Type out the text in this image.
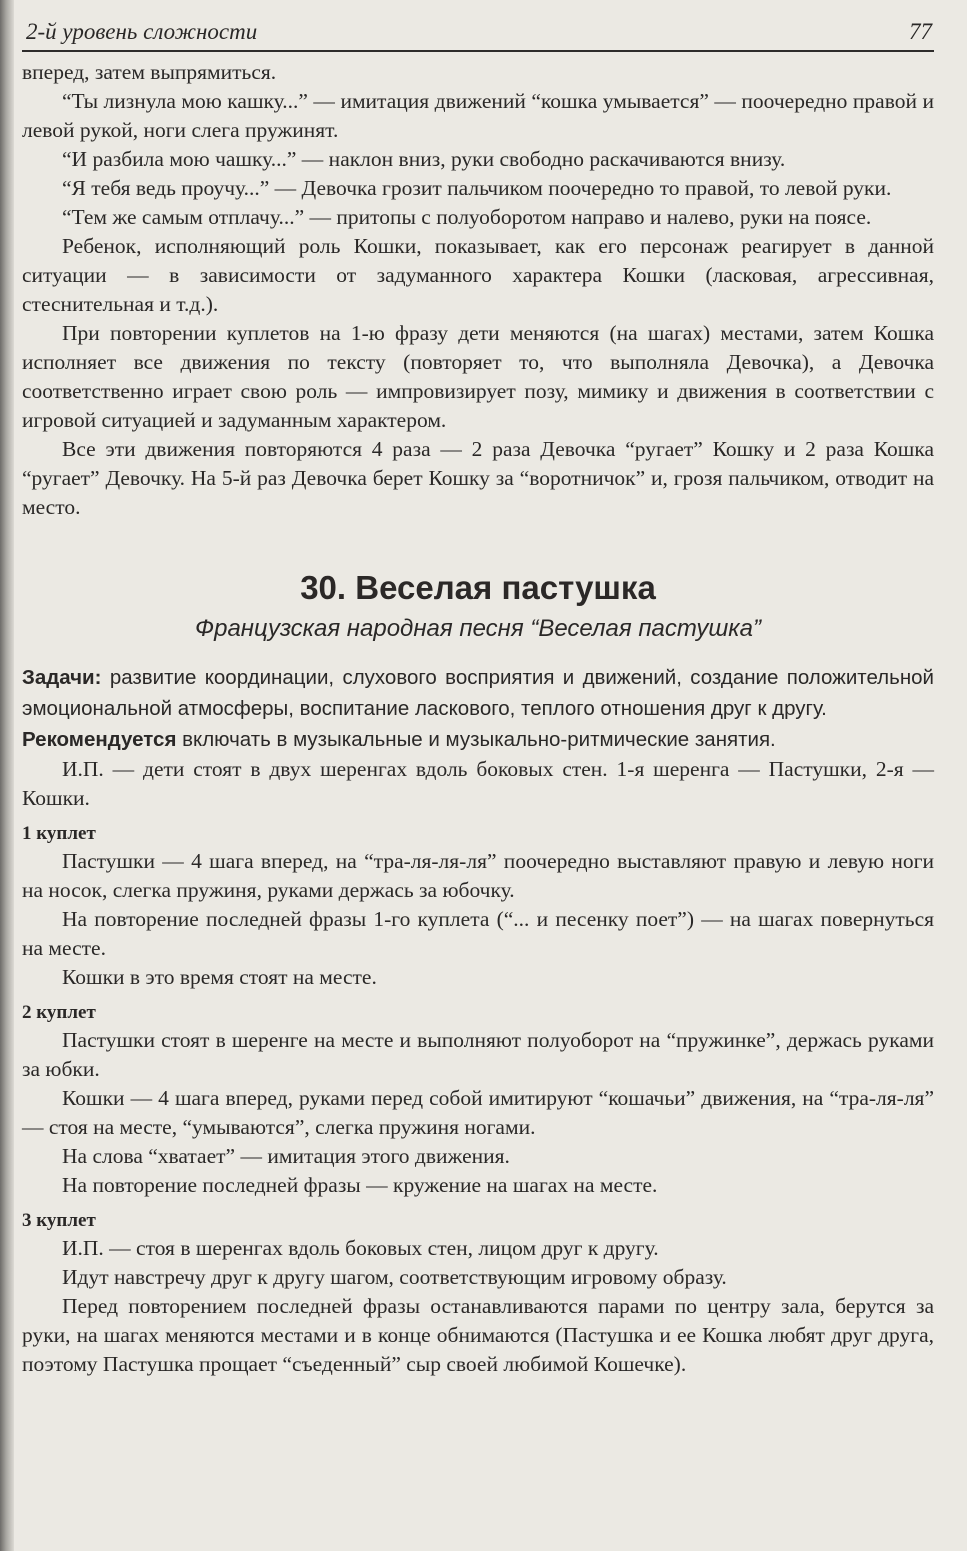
2-й уровень сложности	77

вперед, затем выпрямиться.

“Ты лизнула мою кашку...” — имитация движений “кошка умывается” — поочередно правой и левой рукой, ноги слега пружинят.

“И разбила мою чашку...” — наклон вниз, руки свободно раскачиваются внизу.

“Я тебя ведь проучу...” — Девочка грозит пальчиком поочередно то правой, то левой руки.

“Тем же самым отплачу...” — притопы с полуоборотом направо и налево, руки на поясе.

Ребенок, исполняющий роль Кошки, показывает, как его персонаж реагирует в данной ситуации — в зависимости от задуманного характера Кошки (ласковая, агрессивная, стеснительная и т.д.).

При повторении куплетов на 1-ю фразу дети меняются (на шагах) местами, затем Кошка исполняет все движения по тексту (повторяет то, что выполняла Девочка), а Девочка соответственно играет свою роль — импровизирует позу, мимику и движения в соответствии с игровой ситуацией и задуманным характером.

Все эти движения повторяются 4 раза — 2 раза Девочка “ругает” Кошку и 2 раза Кошка “ругает” Девочку. На 5-й раз Девочка берет Кошку за “воротничок” и, грозя пальчиком, отводит на место.

30. Веселая пастушка
Французская народная песня “Веселая пастушка”

Задачи: развитие координации, слухового восприятия и движений, создание положительной эмоциональной атмосферы, воспитание ласкового, теплого отношения друг к другу.

Рекомендуется включать в музыкальные и музыкально-ритмические занятия.

И.П. — дети стоят в двух шеренгах вдоль боковых стен. 1-я шеренга — Пастушки, 2-я — Кошки.

1 куплет

Пастушки — 4 шага вперед, на “тра-ля-ля-ля” поочередно выставляют правую и левую ноги на носок, слегка пружиня, руками держась за юбочку.

На повторение последней фразы 1-го куплета (“... и песенку поет”) — на шагах повернуться на месте.

Кошки в это время стоят на месте.

2 куплет

Пастушки стоят в шеренге на месте и выполняют полуоборот на “пружинке”, держась руками за юбки.

Кошки — 4 шага вперед, руками перед собой имитируют “кошачьи” движения, на “тра-ля-ля” — стоя на месте, “умываются”, слегка пружиня ногами.

На слова “хватает” — имитация этого движения.

На повторение последней фразы — кружение на шагах на месте.

3 куплет

И.П. — стоя в шеренгах вдоль боковых стен, лицом друг к другу.

Идут навстречу друг к другу шагом, соответствующим игровому образу.

Перед повторением последней фразы останавливаются парами по центру зала, берутся за руки, на шагах меняются местами и в конце обнимаются (Пастушка и ее Кошка любят друг друга, поэтому Пастушка прощает “съеденный” сыр своей любимой Кошечке).
